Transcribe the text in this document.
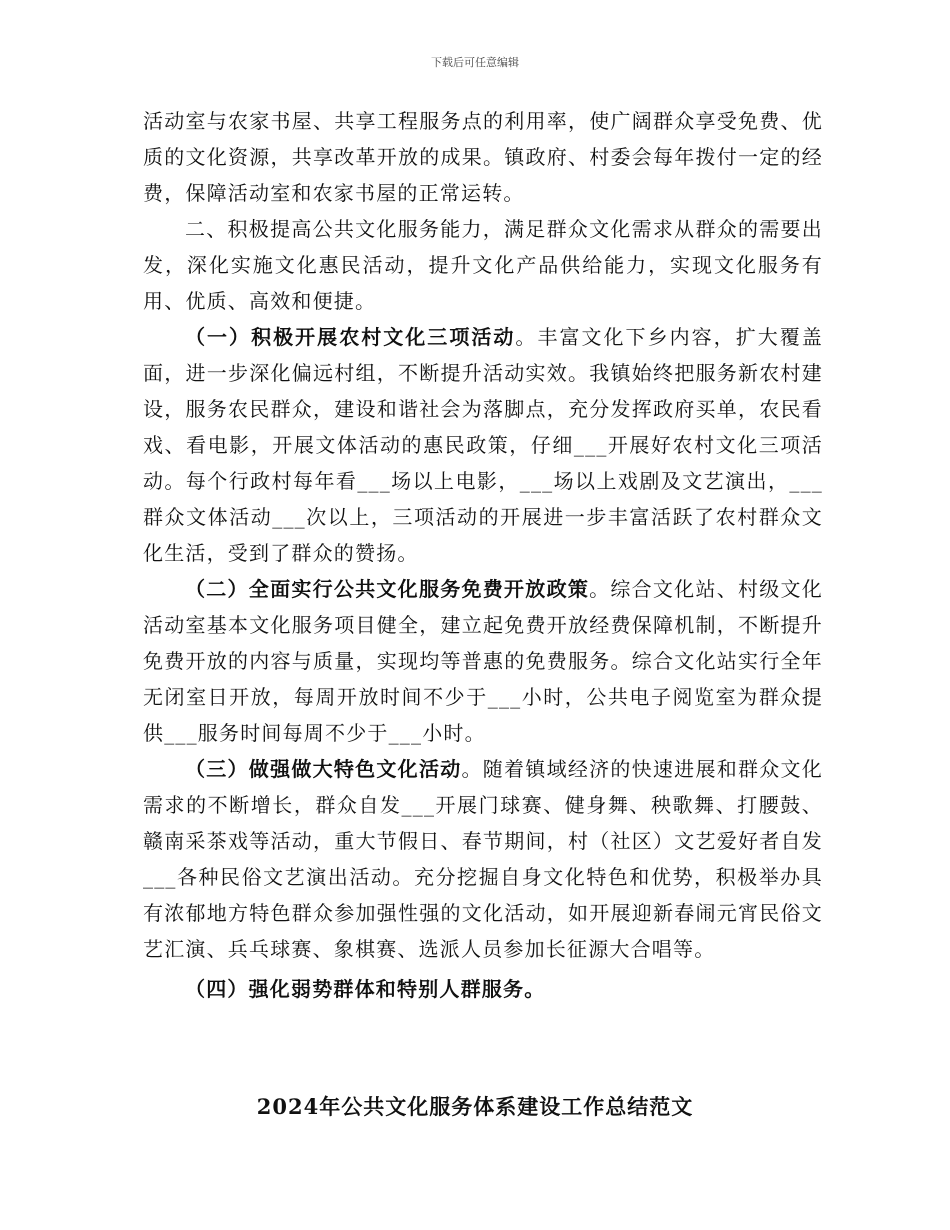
下载后可任意编辑

活动室与农家书屋、共享工程服务点的利用率，使广阔群众享受免费、优质的文化资源，共享改革开放的成果。镇政府、村委会每年拨付一定的经费，保障活动室和农家书屋的正常运转。

二、积极提高公共文化服务能力，满足群众文化需求从群众的需要出发，深化实施文化惠民活动，提升文化产品供给能力，实现文化服务有用、优质、高效和便捷。

（一）积极开展农村文化三项活动。丰富文化下乡内容，扩大覆盖面，进一步深化偏远村组，不断提升活动实效。我镇始终把服务新农村建设，服务农民群众，建设和谐社会为落脚点，充分发挥政府买单，农民看戏、看电影，开展文体活动的惠民政策，仔细___开展好农村文化三项活动。每个行政村每年看___场以上电影，___场以上戏剧及文艺演出，___群众文体活动___次以上，三项活动的开展进一步丰富活跃了农村群众文化生活，受到了群众的赞扬。

（二）全面实行公共文化服务免费开放政策。综合文化站、村级文化活动室基本文化服务项目健全，建立起免费开放经费保障机制，不断提升免费开放的内容与质量，实现均等普惠的免费服务。综合文化站实行全年无闭室日开放，每周开放时间不少于___小时，公共电子阅览室为群众提供___服务时间每周不少于___小时。

（三）做强做大特色文化活动。随着镇域经济的快速进展和群众文化需求的不断增长，群众自发___开展门球赛、健身舞、秧歌舞、打腰鼓、赣南采茶戏等活动，重大节假日、春节期间，村（社区）文艺爱好者自发___各种民俗文艺演出活动。充分挖掘自身文化特色和优势，积极举办具有浓郁地方特色群众参加强性强的文化活动，如开展迎新春闹元宵民俗文艺汇演、兵乓球赛、象棋赛、选派人员参加长征源大合唱等。

（四）强化弱势群体和特别人群服务。

2024年公共文化服务体系建设工作总结范文
